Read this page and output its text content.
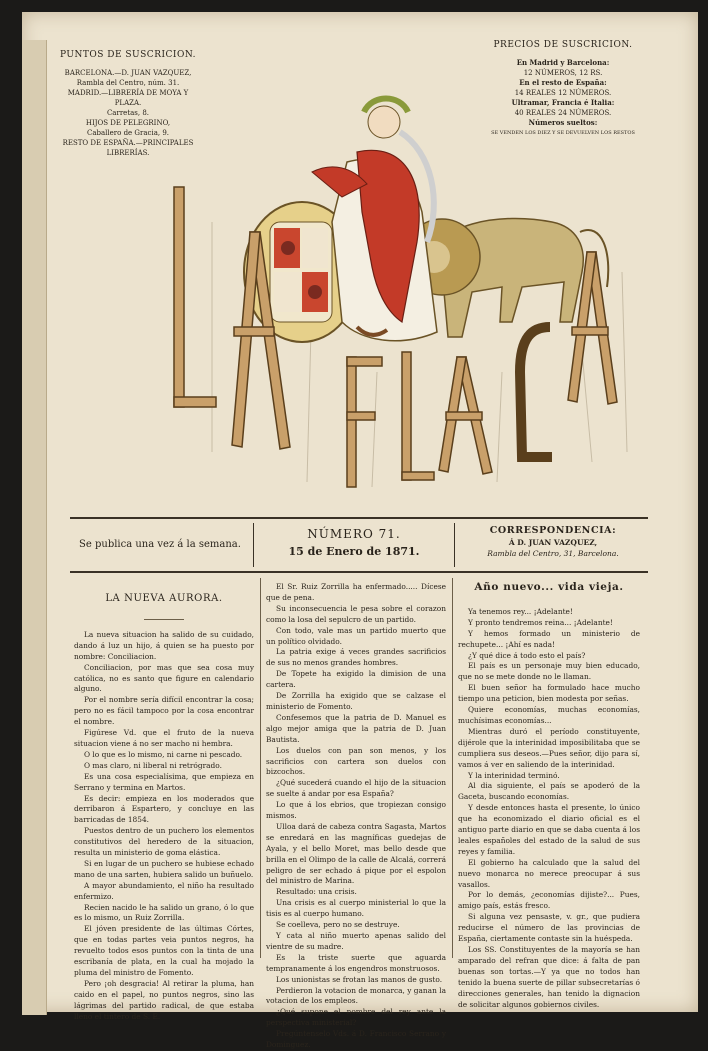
PUNTOS DE SUSCRICION.
BARCELONA.—D. JUAN VAZQUEZ,
Rambla del Centro, núm. 31.
MADRID.—LIBRERÍA DE MOYA Y PLAZA.
Carretas, 8.
HIJOS DE PELEGRINO,
Caballero de Gracia, 9.
RESTO DE ESPAÑA.—PRINCIPALES
LIBRERÍAS.
PRECIOS DE SUSCRICION.
En Madrid y Barcelona:
12 NÚMEROS, 12 RS.
En el resto de España:
14 REALES 12 NÚMEROS.
Ultramar, Francia é Italia:
40 REALES 24 NÚMEROS.
Números sueltos:
SE VENDEN LOS DIEZ Y SE DEVUELVEN LOS RESTOS
Se publica una vez á la semana.
NÚMERO 71.
15 de Enero de 1871.
CORRESPONDENCIA:
Á D. JUAN VAZQUEZ,
Rambla del Centro, 31, Barcelona.
LA NUEVA AURORA.

La nueva situacion ha salido de su cuidado, dando á luz un hijo, á quien se ha puesto por nombre: Conciliacion.

Conciliacion, por mas que sea cosa muy católica, no es santo que figure en calendario alguno.

Por el nombre sería difícil encontrar la cosa; pero no es fácil tampoco por la cosa encontrar el nombre.

Figúrese Vd. que el fruto de la nueva situacion viene á no ser macho ni hembra.

O lo que es lo mismo, ni carne ni pescado.

O mas claro, ni liberal ni retrógrado.

Es una cosa especialísima, que empieza en Serrano y termina en Martos.

Es decir: empieza en los moderados que derribaron á Espartero, y concluye en las barricadas de 1854.

Puestos dentro de un puchero los elementos constitutivos del heredero de la situacion, resulta un ministerio de goma elástica.

Si en lugar de un puchero se hubiese echado mano de una sarten, hubiera salido un buñuelo.

A mayor abundamiento, el niño ha resultado enfermizo.

Recien nacido le ha salido un grano, ó lo que es lo mismo, un Ruiz Zorrilla.

El jóven presidente de las últimas Córtes, que en todas partes veia puntos negros, ha revuelto todos esos puntos con la tinta de una escribanía de plata, en la cual ha mojado la pluma del ministro de Fomento.

Pero ¡oh desgracia! Al retirar la pluma, han caido en el papel, no puntos negros, sino las lágrimas del partido radical, de que estaba lleno el tintero de S. E.

El Sr. Ruiz Zorrilla ha enfermado..... Dícese que de pena.

Su inconsecuencia le pesa sobre el corazon como la losa del sepulcro de un partido.

Con todo, vale mas un partido muerto que un político olvidado.

La patria exige á veces grandes sacrificios de sus no menos grandes hombres.

De Topete ha exigido la dimision de una cartera.

De Zorrilla ha exigido que se calzase el ministerio de Fomento.

Confesemos que la patria de D. Manuel es algo mejor amiga que la patria de D. Juan Bautista.

Los duelos con pan son menos, y los sacrificios con cartera son duelos con bizcochos.

¿Qué sucederá cuando el hijo de la situacion se suelte á andar por esa España?

Lo que á los ebrios, que tropiezan consigo mismos.

Ulloa dará de cabeza contra Sagasta, Martos se enredará en las magníficas guedejas de Ayala, y el bello Moret, mas bello desde que brilla en el Olimpo de la calle de Alcalá, correrá peligro de ser echado á pique por el espolon del ministro de Marina.

Resultado: una crisis.

Una crisis es al cuerpo ministerial lo que la tisis es al cuerpo humano.

Se coelleva, pero no se destruye.

Y cata al niño muerto apenas salido del vientre de su madre.

Es la triste suerte que aguarda tempranamente á los engendros monstruosos.

Los unionistas se frotan las manos de gusto.

Perdieron la votacion de monarca, y ganan la votacion de los empleos.

¿Qué supone el nombre del rey ante la perspectiva ministerial?

Pregúntenselo Vds. á D. Francisco Serrano y Dominguez.

Año nuevo... vida vieja.

Ya tenemos rey... ¡Adelante!

Y pronto tendremos reina... ¡Adelante!

Y hemos formado un ministerio de rechupete... ¡Ahí es nada!

¿Y qué dice á todo esto el país?

El país es un personaje muy bien educado, que no se mete donde no le llaman.

El buen señor ha formulado hace mucho tiempo una peticion, bien modesta por señas.

Quiere economías, muchas economías, muchísimas economías...

Mientras duró el período constituyente, dijérole que la interinidad imposibilitaba que se cumpliera sus deseos.—Pues señor, dijo para sí, vamos á ver en saliendo de la interinidad.

Y la interinidad terminó.

Al dia siguiente, el país se apoderó de la Gaceta, buscando economías.

Y desde entonces hasta el presente, lo único que ha economizado el diario oficial es el antiguo parte diario en que se daba cuenta á los leales españoles del estado de la salud de sus reyes y familia.

El gobierno ha calculado que la salud del nuevo monarca no merece preocupar á sus vasallos.

Por lo demás, ¿economías dijiste?... Pues, amigo país, estás fresco.

Si alguna vez pensaste, v. gr., que pudiera reducirse el número de las provincias de España, ciertamente contaste sin la huéspeda.

Los SS. Constituyentes de la mayoría se han amparado del refran que dice: á falta de pan buenas son tortas.—Y ya que no todos han tenido la buena suerte de pillar subsecretarías ó direcciones generales, han tenido la dignacion de solicitar algunos gobiernos civiles.
